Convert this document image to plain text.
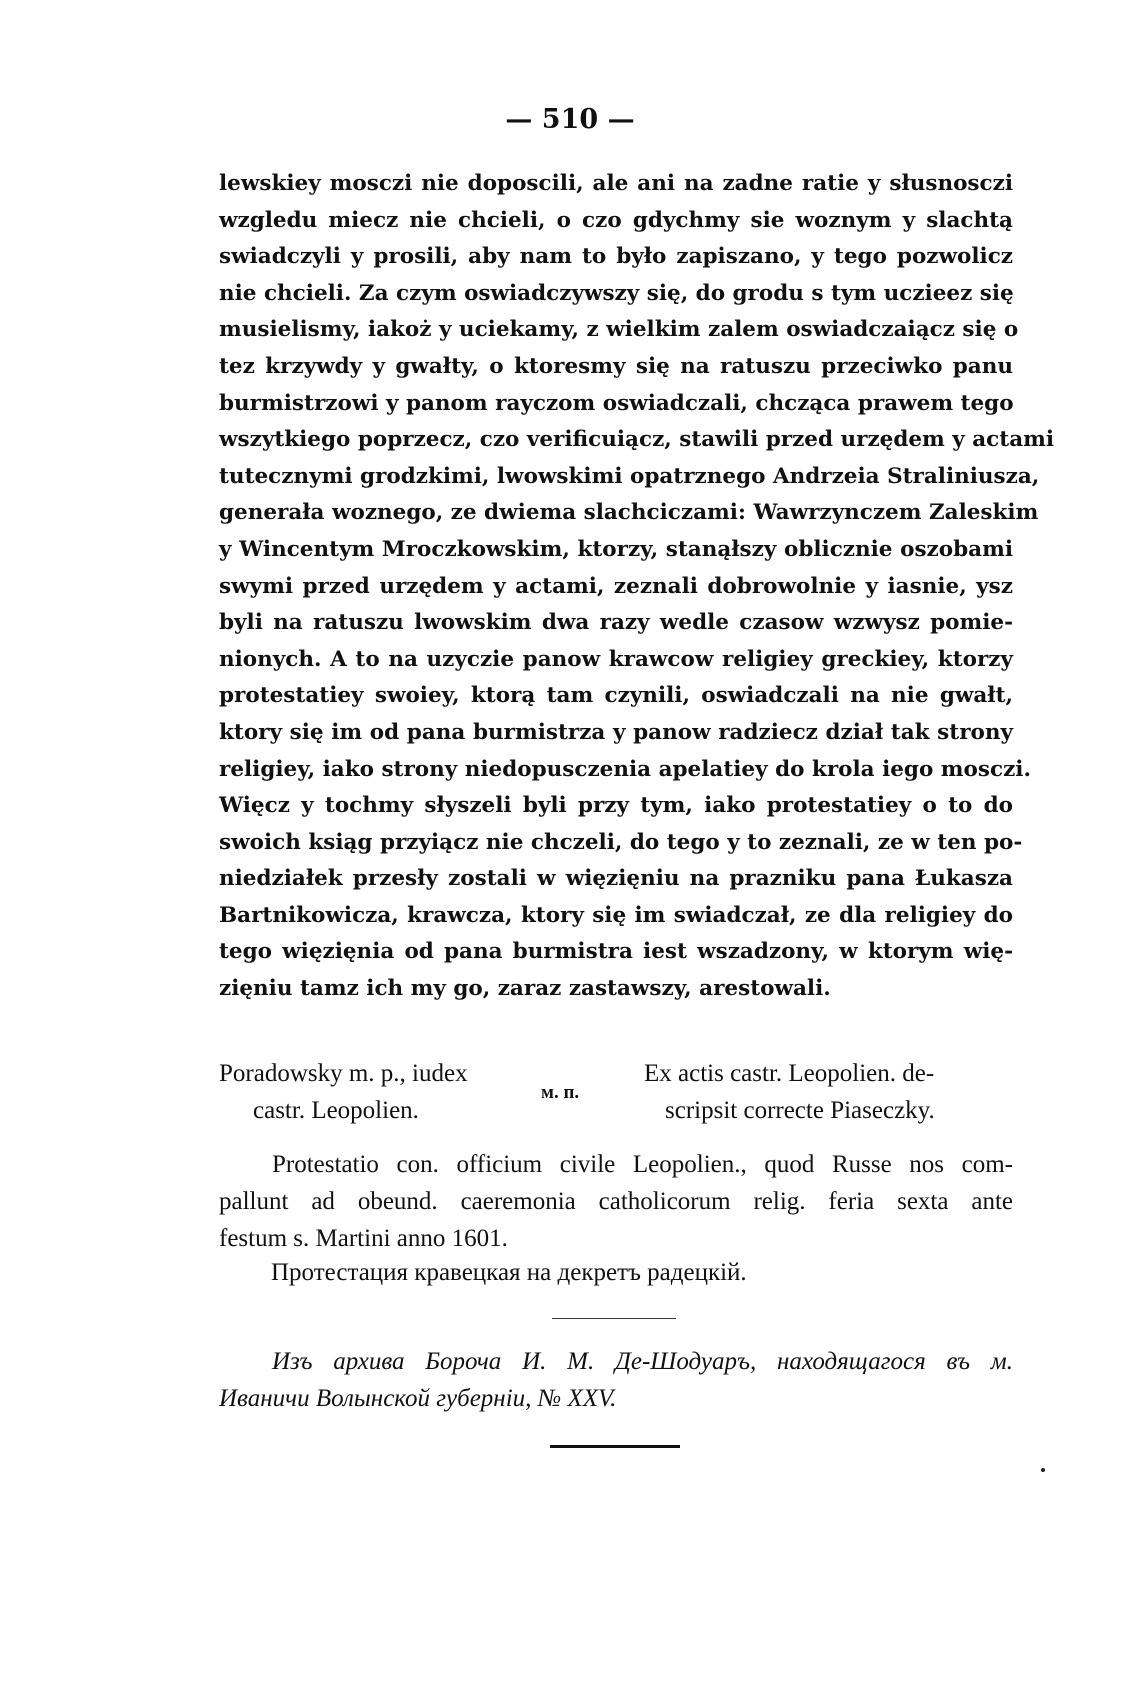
— 510 —
lewskiey mosczi nie doposcili, ale ani na zadne ratie y słusnosczi
wzgledu miecz nie chcieli, o czo gdychmy sie woznym y slachtą
swiadczyli y prosili, aby nam to było zapiszano, y tego pozwolicz
nie chcieli. Za czym oswiadczywszy się, do grodu s tym uczieez się
musielismy, iakoż y uciekamy, z wielkim zalem oswiadczaiącz się o
tez krzywdy y gwałty, o ktoresmy się na ratuszu przeciwko panu
burmistrzowi y panom rayczom oswiadczali, chcząca prawem tego
wszytkiego poprzecz, czo verificuiącz, stawili przed urzędem y actami
tutecznymi grodzkimi, lwowskimi opatrznego Andrzeia Straliniusza,
generała woznego, ze dwiema slachciczami: Wawrzynczem Zaleskim
y Wincentym Mroczkowskim, ktorzy, stanąłszy oblicznie oszobami
swymi przed urzędem y actami, zeznali dobrowolnie y iasnie, ysz
byli na ratuszu lwowskim dwa razy wedle czasow wzwysz pomie-
nionych. A to na uzyczie panow krawcow religiey greckiey, ktorzy
protestatiey swoiey, ktorą tam czynili, oswiadczali na nie gwałt,
ktory się im od pana burmistrza y panow radziecz dział tak strony
religiey, iako strony niedopusczenia apelatiey do krola iego mosczi.
Więcz y tochmy słyszeli byli przy tym, iako protestatiey o to do
swoich ksiąg przyiącz nie chczeli, do tego y to zeznali, ze w ten po-
niedziałek przesły zostali w więzięniu na prazniku pana Łukasza
Bartnikowicza, krawcza, ktory się im swiadczał, ze dla religiey do
tego więzięnia od pana burmistra iest wszadzony, w ktorym wię-
zięniu tamz ich my go, zaraz zastawszy, arestowali.
Poradowsky m. p., iudex
castr. Leopolien.
м. п.
Ex actis castr. Leopolien. de-
scripsit correcte Piaseczky.
Protestatio con. officium civile Leopolien., quod Russe nos com-
pallunt ad obeund. caeremonia catholicorum relig. feria sexta ante
festum s. Martini anno 1601.
Протестация кравецкая на декретъ радецкій.
Изъ архива Бороча И. М. Де-Шодуаръ, находящагося въ м.
Иваничи Волынской губерніи, № XXV.
